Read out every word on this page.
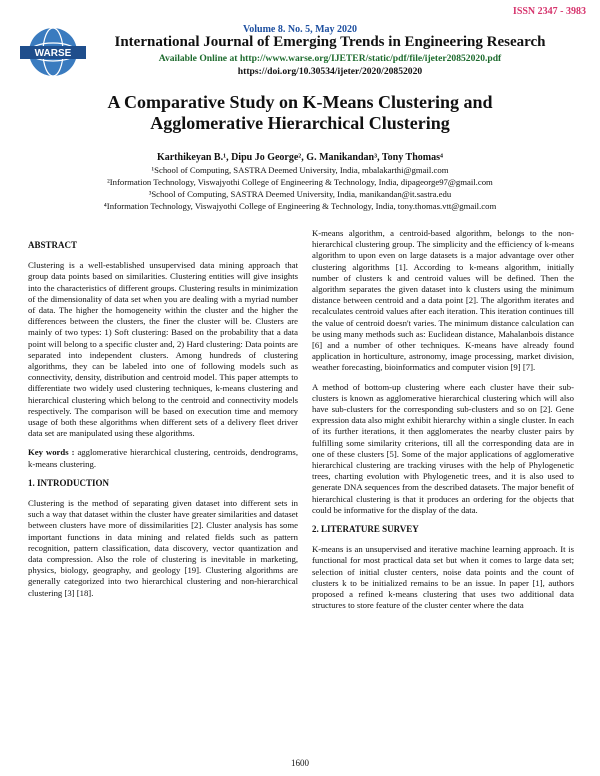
ISSN 2347 - 3983
WARSE
Volume 8. No. 5, May 2020
International Journal of Emerging Trends in Engineering Research
Available Online at http://www.warse.org/IJETER/static/pdf/file/ijeter20852020.pdf
https://doi.org/10.30534/ijeter/2020/20852020
A Comparative Study on K-Means Clustering and
Agglomerative Hierarchical Clustering
Karthikeyan B.¹, Dipu Jo George², G. Manikandan³, Tony Thomas⁴
¹School of Computing, SASTRA Deemed University, India, mbalakarthi@gmail.com
²Information Technology, Viswajyothi College of Engineering & Technology, India, dipageorge97@gmail.com
³School of Computing, SASTRA Deemed University, India, manikandan@it.sastra.edu
⁴Information Technology, Viswajyothi College of Engineering & Technology, India, tony.thomas.vtt@gmail.com
ABSTRACT

Clustering is a well-established unsupervised data mining approach that group data points based on similarities. Clustering entities will give insights into the characteristics of different groups. Clustering results in minimization of the dimensionality of data set when you are dealing with a myriad number of data. The higher the homogeneity within the cluster and the higher the differences between the clusters, the finer the cluster will be. Clusters are mainly of two types: 1) Soft clustering: Based on the probability that a data point will belong to a specific cluster and, 2) Hard clustering: Data points are separated into independent clusters. Among hundreds of clustering algorithms, they can be labeled into one of following models such as connectivity, density, distribution and centroid model. This paper attempts to differentiate two widely used clustering techniques, k-means clustering and hierarchical clustering which belong to the centroid and connectivity models respectively. The comparison will be based on execution time and memory usage of both these algorithms when different sets of a delivery fleet driver data set are manipulated using these algorithms.

Key words : agglomerative hierarchical clustering, centroids, dendrograms, k-means clustering.

1. INTRODUCTION

Clustering is the method of separating given dataset into different sets in such a way that dataset within the cluster have greater similarities and dataset between clusters have more of dissimilarities [2]. Cluster analysis has some important functions in data mining and related fields such as pattern recognition, pattern classification, data discovery, vector quantization and data compression. Also the role of clustering is inevitable in marketing, physics, biology, geography, and geology [19]. Clustering algorithms are generally categorized into two hierarchical clustering and non-hierarchical clustering [3] [18].

K-means algorithm, a centroid-based algorithm, belongs to the non-hierarchical clustering group. The simplicity and the efficiency of k-means algorithm to upon even on large datasets is a major advantage over other clustering algorithms [1]. According to k-means algorithm, initially number of clusters k and centroid values will be defined. Then the algorithm separates the given dataset into k clusters using the minimum distance between centroid and a data point [2]. The algorithm iterates and recalculates centroid values after each iteration. This iteration continues till the value of centroid doesn't varies. The minimum distance calculation can be using many methods such as: Euclidean distance, Mahalanbois distance [6] and a number of other techniques. K-means have already found application in horticulture, astronomy, image processing, market division, weather forecasting, bioinformatics and computer vision [9] [7].

A method of bottom-up clustering where each cluster have their sub-clusters is known as agglomerative hierarchical clustering which will also have sub-clusters for the corresponding sub-clusters and so on [2]. Gene expression data also might exhibit hierarchy within a single cluster. In each of its further iterations, it then agglomerates the nearby cluster pairs by fulfilling some similarity criterions, till all the corresponding data are in one of these clusters [5]. Some of the major applications of agglomerative hierarchical clustering are tracking viruses with the help of Phylogenetic trees, charting evolution with Phylogenetic trees, and it is also used to generate DNA sequences from the described datasets. The major benefit of hierarchical clustering is that it produces an ordering for the objects that could be informative for the display of the data.

2. LITERATURE SURVEY

K-means is an unsupervised and iterative machine learning approach. It is functional for most practical data set but when it comes to large data set; selection of initial cluster centers, noise data points and the count of clusters k to be initialized remains to be an issue. In paper [1], authors proposed a refined k-means clustering that uses two additional data structures to store feature of the cluster center where the data

1600
